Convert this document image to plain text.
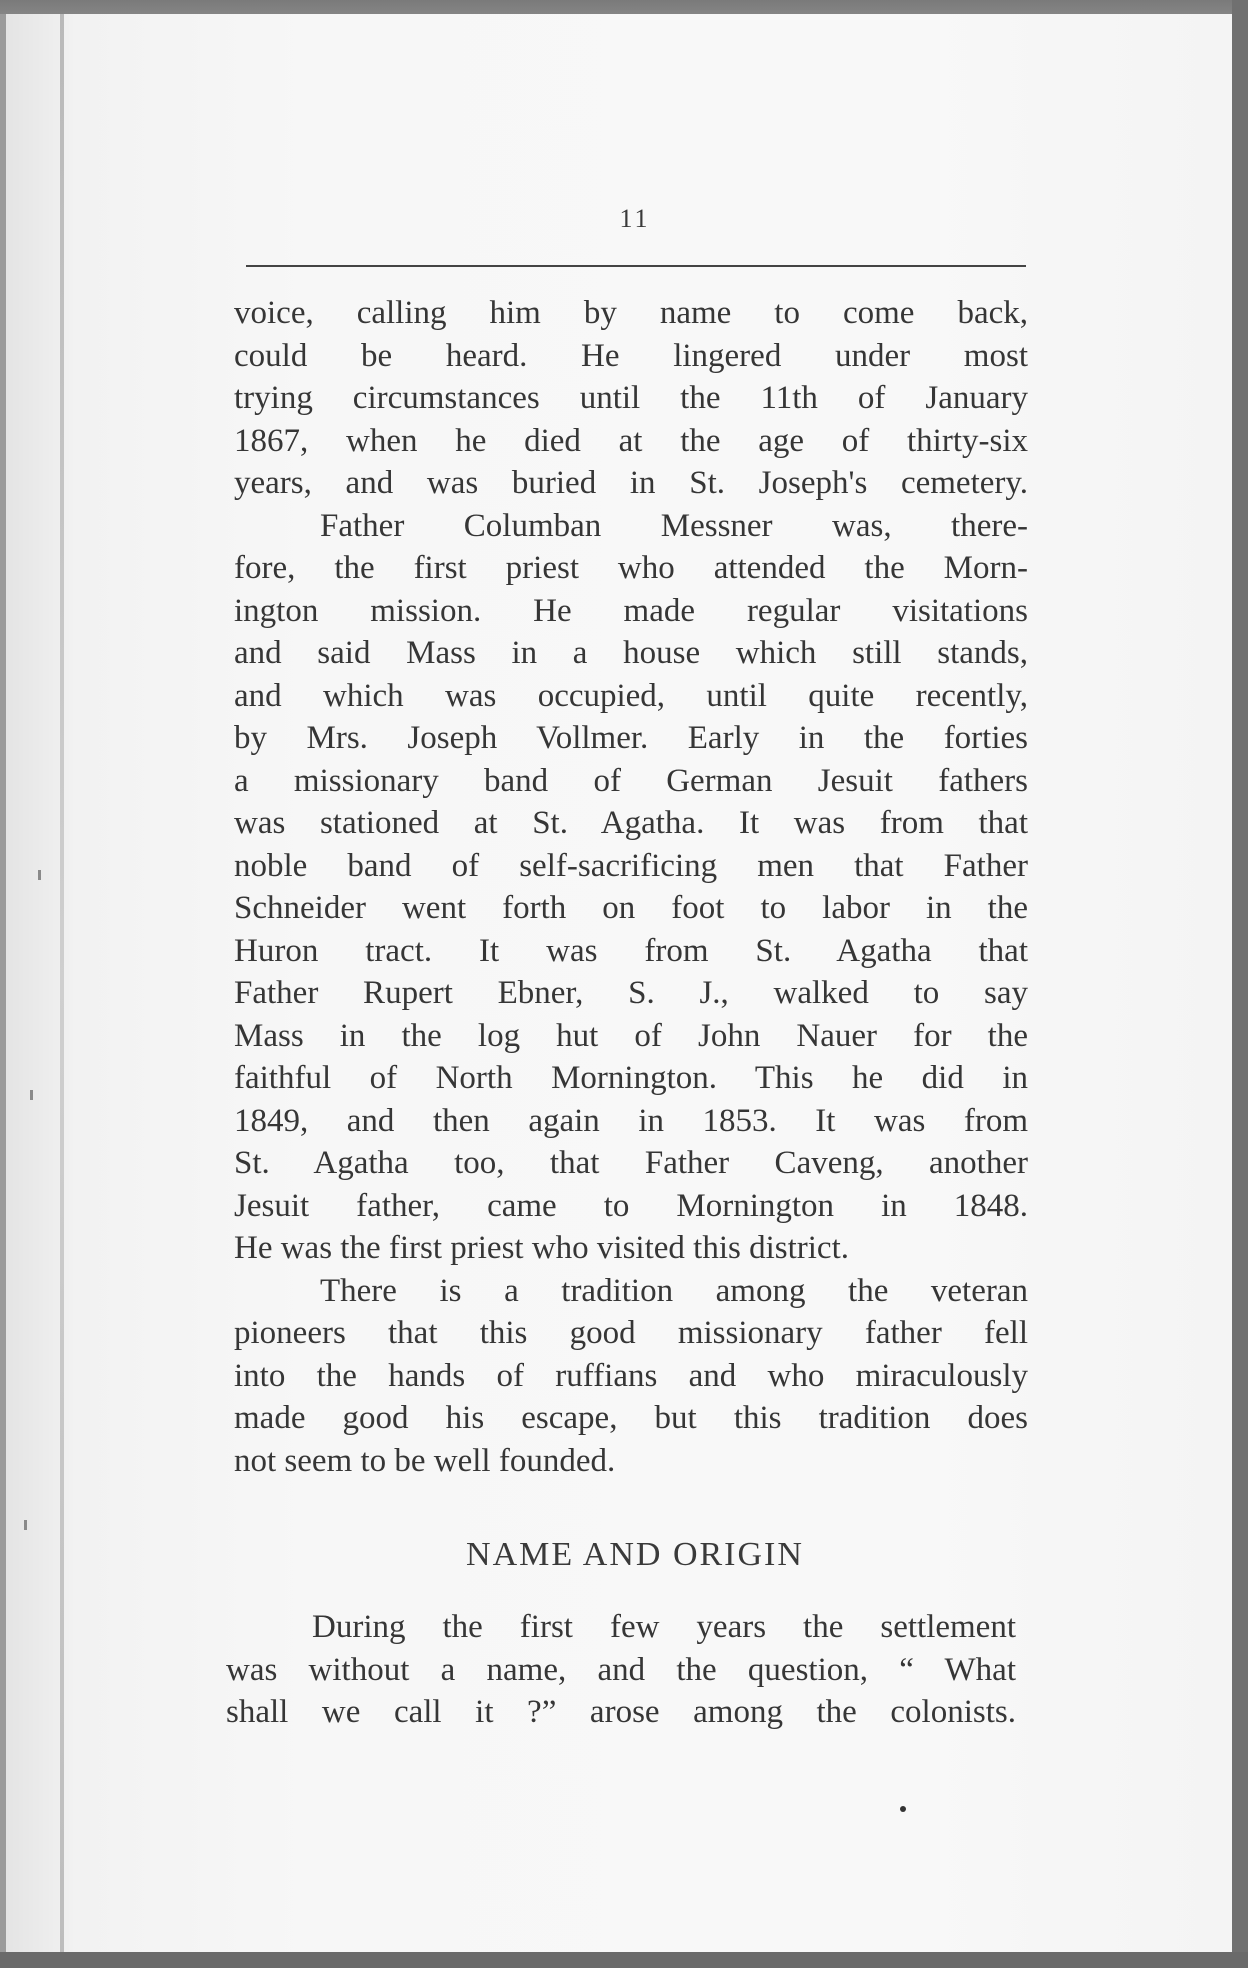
11
voice, calling him by name to come back,
could be heard. He lingered under most
trying circumstances until the 11th of January
1867, when he died at the age of thirty-six
years, and was buried in St. Joseph's cemetery.
Father Columban Messner was, there-
fore, the first priest who attended the Morn-
ington mission. He made regular visitations
and said Mass in a house which still stands,
and which was occupied, until quite recently,
by Mrs. Joseph Vollmer. Early in the forties
a missionary band of German Jesuit fathers
was stationed at St. Agatha. It was from that
noble band of self-sacrificing men that Father
Schneider went forth on foot to labor in the
Huron tract. It was from St. Agatha that
Father Rupert Ebner, S. J., walked to say
Mass in the log hut of John Nauer for the
faithful of North Mornington. This he did in
1849, and then again in 1853. It was from
St. Agatha too, that Father Caveng, another
Jesuit father, came to Mornington in 1848.
He was the first priest who visited this district.
There is a tradition among the veteran
pioneers that this good missionary father fell
into the hands of ruffians and who miraculously
made good his escape, but this tradition does
not seem to be well founded.
NAME AND ORIGIN
During the first few years the settlement
was without a name, and the question, “ What
shall we call it ?” arose among the colonists.
